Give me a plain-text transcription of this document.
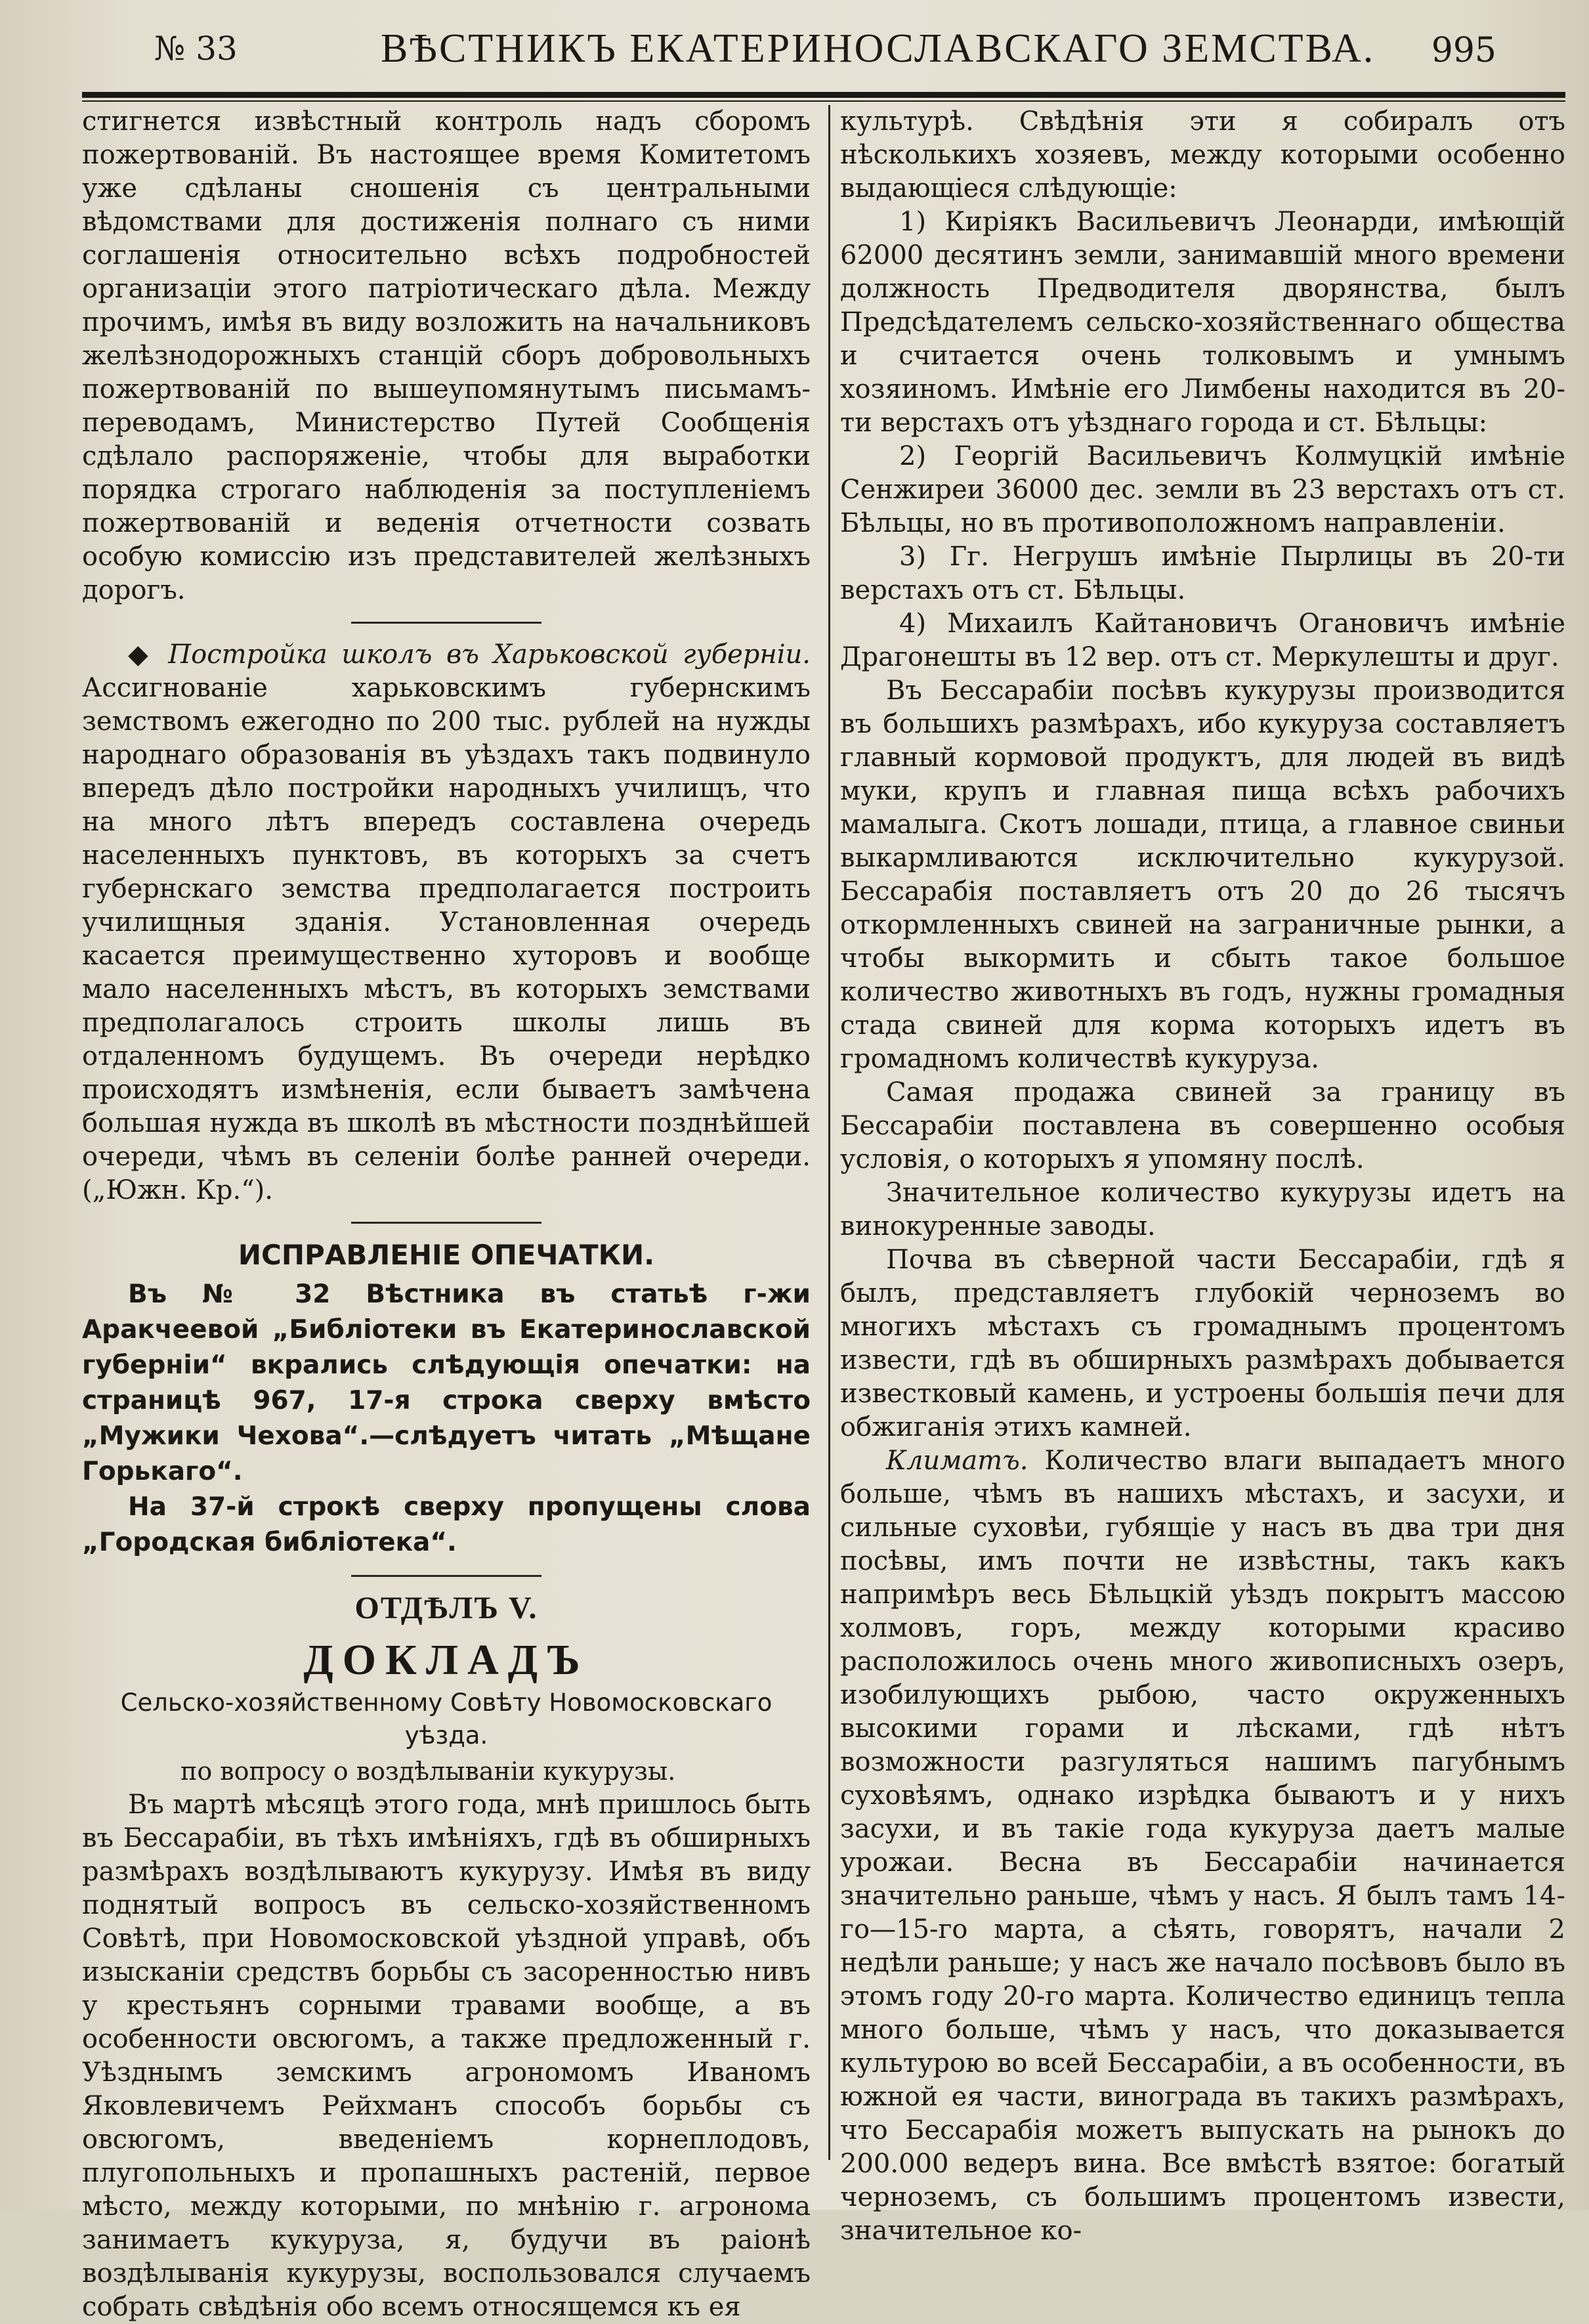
№ 33	ВѢСТНИКЪ ЕКАТЕРИНОСЛАВСКАГО ЗЕМСТВА. 995

стигнется извѣстный контроль надъ сборомъ пожертвованій. Въ настоящее время Комитетомъ уже сдѣланы сношенія съ центральными вѣдомствами для достиженія полнаго съ ними соглашенія относительно всѣхъ подробностей организаціи этого патріотическаго дѣла. Между прочимъ, имѣя въ виду возложить на начальниковъ желѣзнодорожныхъ станцій сборъ добровольныхъ пожертвованій по вышеупомянутымъ письмамъ-переводамъ, Министерство Путей Сообщенія сдѣлало распоряженіе, чтобы для выработки порядка строгаго наблюденія за поступленіемъ пожертвованій и веденія отчетности созвать особую комиссію изъ представителей желѣзныхъ дорогъ.

◆ Постройка школъ въ Харьковской губерніи. Ассигнованіе харьковскимъ губернскимъ земствомъ ежегодно по 200 тыс. рублей на нужды народнаго образованія въ уѣздахъ такъ подвинуло впередъ дѣло постройки народныхъ училищъ, что на много лѣтъ впередъ составлена очередь населенныхъ пунктовъ, въ которыхъ за счетъ губернскаго земства предполагается построить училищныя зданія. Установленная очередь касается преимущественно хуторовъ и вообще мало населенныхъ мѣстъ, въ которыхъ земствами предполагалось строить школы лишь въ отдаленномъ будущемъ. Въ очереди нерѣдко происходятъ измѣненія, если бываетъ замѣчена большая нужда въ школѣ въ мѣстности позднѣйшей очереди, чѣмъ въ селеніи болѣе ранней очереди. („Южн. Кр.“).

ИСПРАВЛЕНІЕ ОПЕЧАТКИ.

Въ № 32 Вѣстника въ статьѣ г-жи Аракчеевой „Библіотеки въ Екатеринославской губерніи“ вкрались слѣдующія опечатки: на страницѣ 967, 17-я строка сверху вмѣсто „Мужики Чехова“.—слѣдуетъ читать „Мѣщане Горькаго“.

На 37-й строкѣ сверху пропущены слова „Городская библіотека“.

ОТДѢЛЪ V.
ДОКЛАДЪ

Сельско-хозяйственному Совѣту Новомосковскаго уѣзда.

по вопросу о воздѣлываніи кукурузы.

Въ мартѣ мѣсяцѣ этого года, мнѣ пришлось быть въ Бессарабіи, въ тѣхъ имѣніяхъ, гдѣ въ обширныхъ размѣрахъ воздѣлываютъ кукурузу. Имѣя въ виду поднятый вопросъ въ сельско-хозяйственномъ Совѣтѣ, при Новомосковской уѣздной управѣ, объ изысканіи средствъ борьбы съ засоренностью нивъ у крестьянъ сорными травами вообще, а въ особенности овсюгомъ, а также предложенный г. Уѣзднымъ земскимъ агрономомъ Иваномъ Яковлевичемъ Рейхманъ способъ борьбы съ овсюгомъ, введеніемъ корнеплодовъ, плугопольныхъ и пропашныхъ растеній, первое мѣсто, между которыми, по мнѣнію г. агронома занимаетъ кукуруза, я, будучи въ раіонѣ воздѣлыванія кукурузы, воспользовался случаемъ собрать свѣдѣнія обо всемъ относящемся къ ея

культурѣ. Свѣдѣнія эти я собиралъ отъ нѣсколькихъ хозяевъ, между которыми особенно выдающіеся слѣдующіе:

1) Киріякъ Васильевичъ Леонарди, имѣющій 62000 десятинъ земли, занимавшій много времени должность Предводителя дворянства, былъ Предсѣдателемъ сельско-хозяйственнаго общества и считается очень толковымъ и умнымъ хозяиномъ. Имѣніе его Лимбены находится въ 20-ти верстахъ отъ уѣзднаго города и ст. Бѣльцы:

2) Георгій Васильевичъ Колмуцкій имѣніе Сенжиреи 36000 дес. земли въ 23 верстахъ отъ ст. Бѣльцы, но въ противоположномъ направленіи.

3) Гг. Негрушъ имѣніе Пырлицы въ 20-ти верстахъ отъ ст. Бѣльцы.

4) Михаилъ Кайтановичъ Огановичъ имѣніе Драгонешты въ 12 вер. отъ ст. Меркулешты и друг.

Въ Бессарабіи посѣвъ кукурузы производится въ большихъ размѣрахъ, ибо кукуруза составляетъ главный кормовой продуктъ, для людей въ видѣ муки, крупъ и главная пища всѣхъ рабочихъ мамалыга. Скотъ лошади, птица, а главное свиньи выкармливаются исключительно кукурузой. Бессарабія поставляетъ отъ 20 до 26 тысячъ откормленныхъ свиней на заграничные рынки, а чтобы выкормить и сбыть такое большое количество животныхъ въ годъ, нужны громадныя стада свиней для корма которыхъ идетъ въ громадномъ количествѣ кукуруза.

Самая продажа свиней за границу въ Бессарабіи поставлена въ совершенно особыя условія, о которыхъ я упомяну послѣ.

Значительное количество кукурузы идетъ на винокуренные заводы.

Почва въ сѣверной части Бессарабіи, гдѣ я былъ, представляетъ глубокій черноземъ во многихъ мѣстахъ съ громаднымъ процентомъ извести, гдѣ въ обширныхъ размѣрахъ добывается известковый камень, и устроены большія печи для обжиганія этихъ камней.

Климатъ. Количество влаги выпадаетъ много больше, чѣмъ въ нашихъ мѣстахъ, и засухи, и сильные суховѣи, губящіе у насъ въ два три дня посѣвы, имъ почти не извѣстны, такъ какъ напримѣръ весь Бѣльцкій уѣздъ покрытъ массою холмовъ, горъ, между которыми красиво расположилось очень много живописныхъ озеръ, изобилующихъ рыбою, часто окруженныхъ высокими горами и лѣсками, гдѣ нѣтъ возможности разгуляться нашимъ пагубнымъ суховѣямъ, однако изрѣдка бываютъ и у нихъ засухи, и въ такіе года кукуруза даетъ малые урожаи. Весна въ Бессарабіи начинается значительно раньше, чѣмъ у насъ. Я былъ тамъ 14-го—15-го марта, а сѣять, говорятъ, начали 2 недѣли раньше; у насъ же начало посѣвовъ было въ этомъ году 20-го марта. Количество единицъ тепла много больше, чѣмъ у насъ, что доказывается культурою во всей Бессарабіи, а въ особенности, въ южной ея части, винограда въ такихъ размѣрахъ, что Бессарабія можетъ выпускать на рынокъ до 200.000 ведеръ вина. Все вмѣстѣ взятое: богатый черноземъ, съ большимъ процентомъ извести, значительное ко-
